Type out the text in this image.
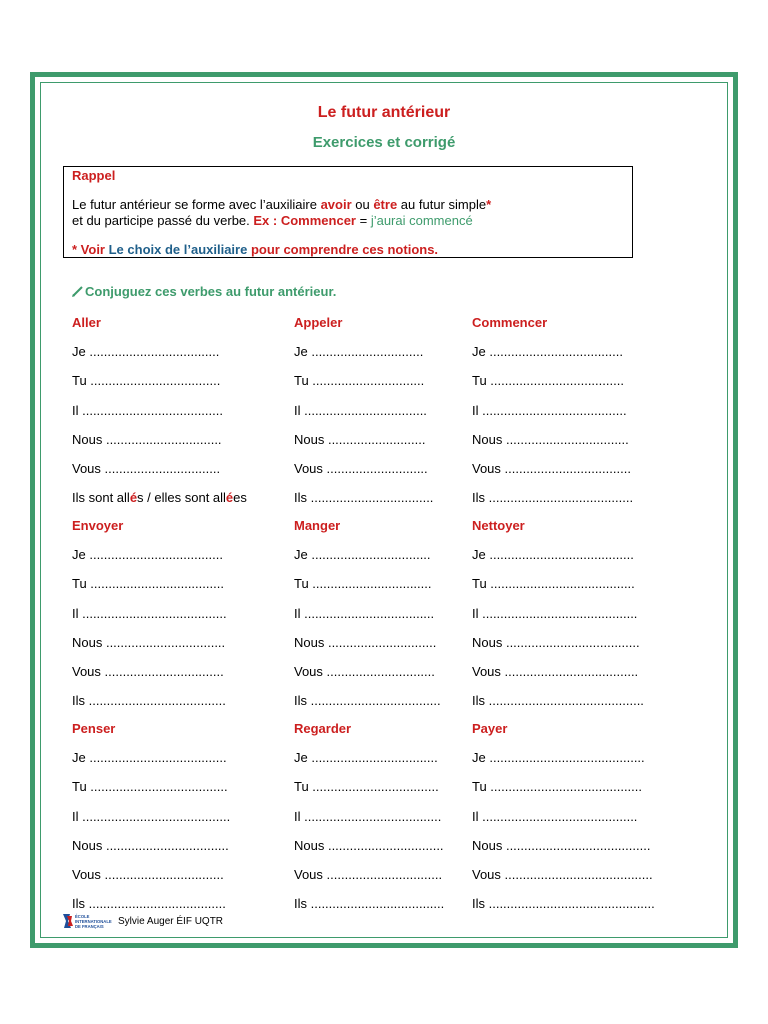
Le futur antérieur
Exercices et corrigé
Rappel

Le futur antérieur se forme avec l’auxiliaire avoir ou être au futur simple*

et du participe passé du verbe. Ex : Commencer = j’aurai commencé

* Voir Le choix de l’auxiliaire pour comprendre ces notions.

Conjuguez ces verbes au futur antérieur.
Aller
Je ....................................
Tu ....................................
Il .......................................
Nous ................................
Vous ................................
Ils sont allés / elles sont allées
Appeler
Je ...............................
Tu ...............................
Il ..................................
Nous ...........................
Vous ............................
Ils ..................................
Commencer
Je .....................................
Tu .....................................
Il ........................................
Nous ..................................
Vous ...................................
Ils ........................................
Envoyer
Je .....................................
Tu .....................................
Il ........................................
Nous .................................
Vous .................................
Ils ......................................
Manger
Je .................................
Tu .................................
Il ....................................
Nous ..............................
Vous ..............................
Ils ....................................
Nettoyer
Je ........................................
Tu ........................................
Il ...........................................
Nous .....................................
Vous .....................................
Ils ...........................................
Penser
Je ......................................
Tu ......................................
Il .........................................
Nous ..................................
Vous .................................
Ils ......................................
Regarder
Je ...................................
Tu ...................................
Il ......................................
Nous ................................
Vous ................................
Ils .....................................
Payer
Je ...........................................
Tu ..........................................
Il ...........................................
Nous ........................................
Vous .........................................
Ils ..............................................
ÉCOLE
INTERNATIONALE
DE FRANÇAIS Sylvie Auger ÉIF UQTR
